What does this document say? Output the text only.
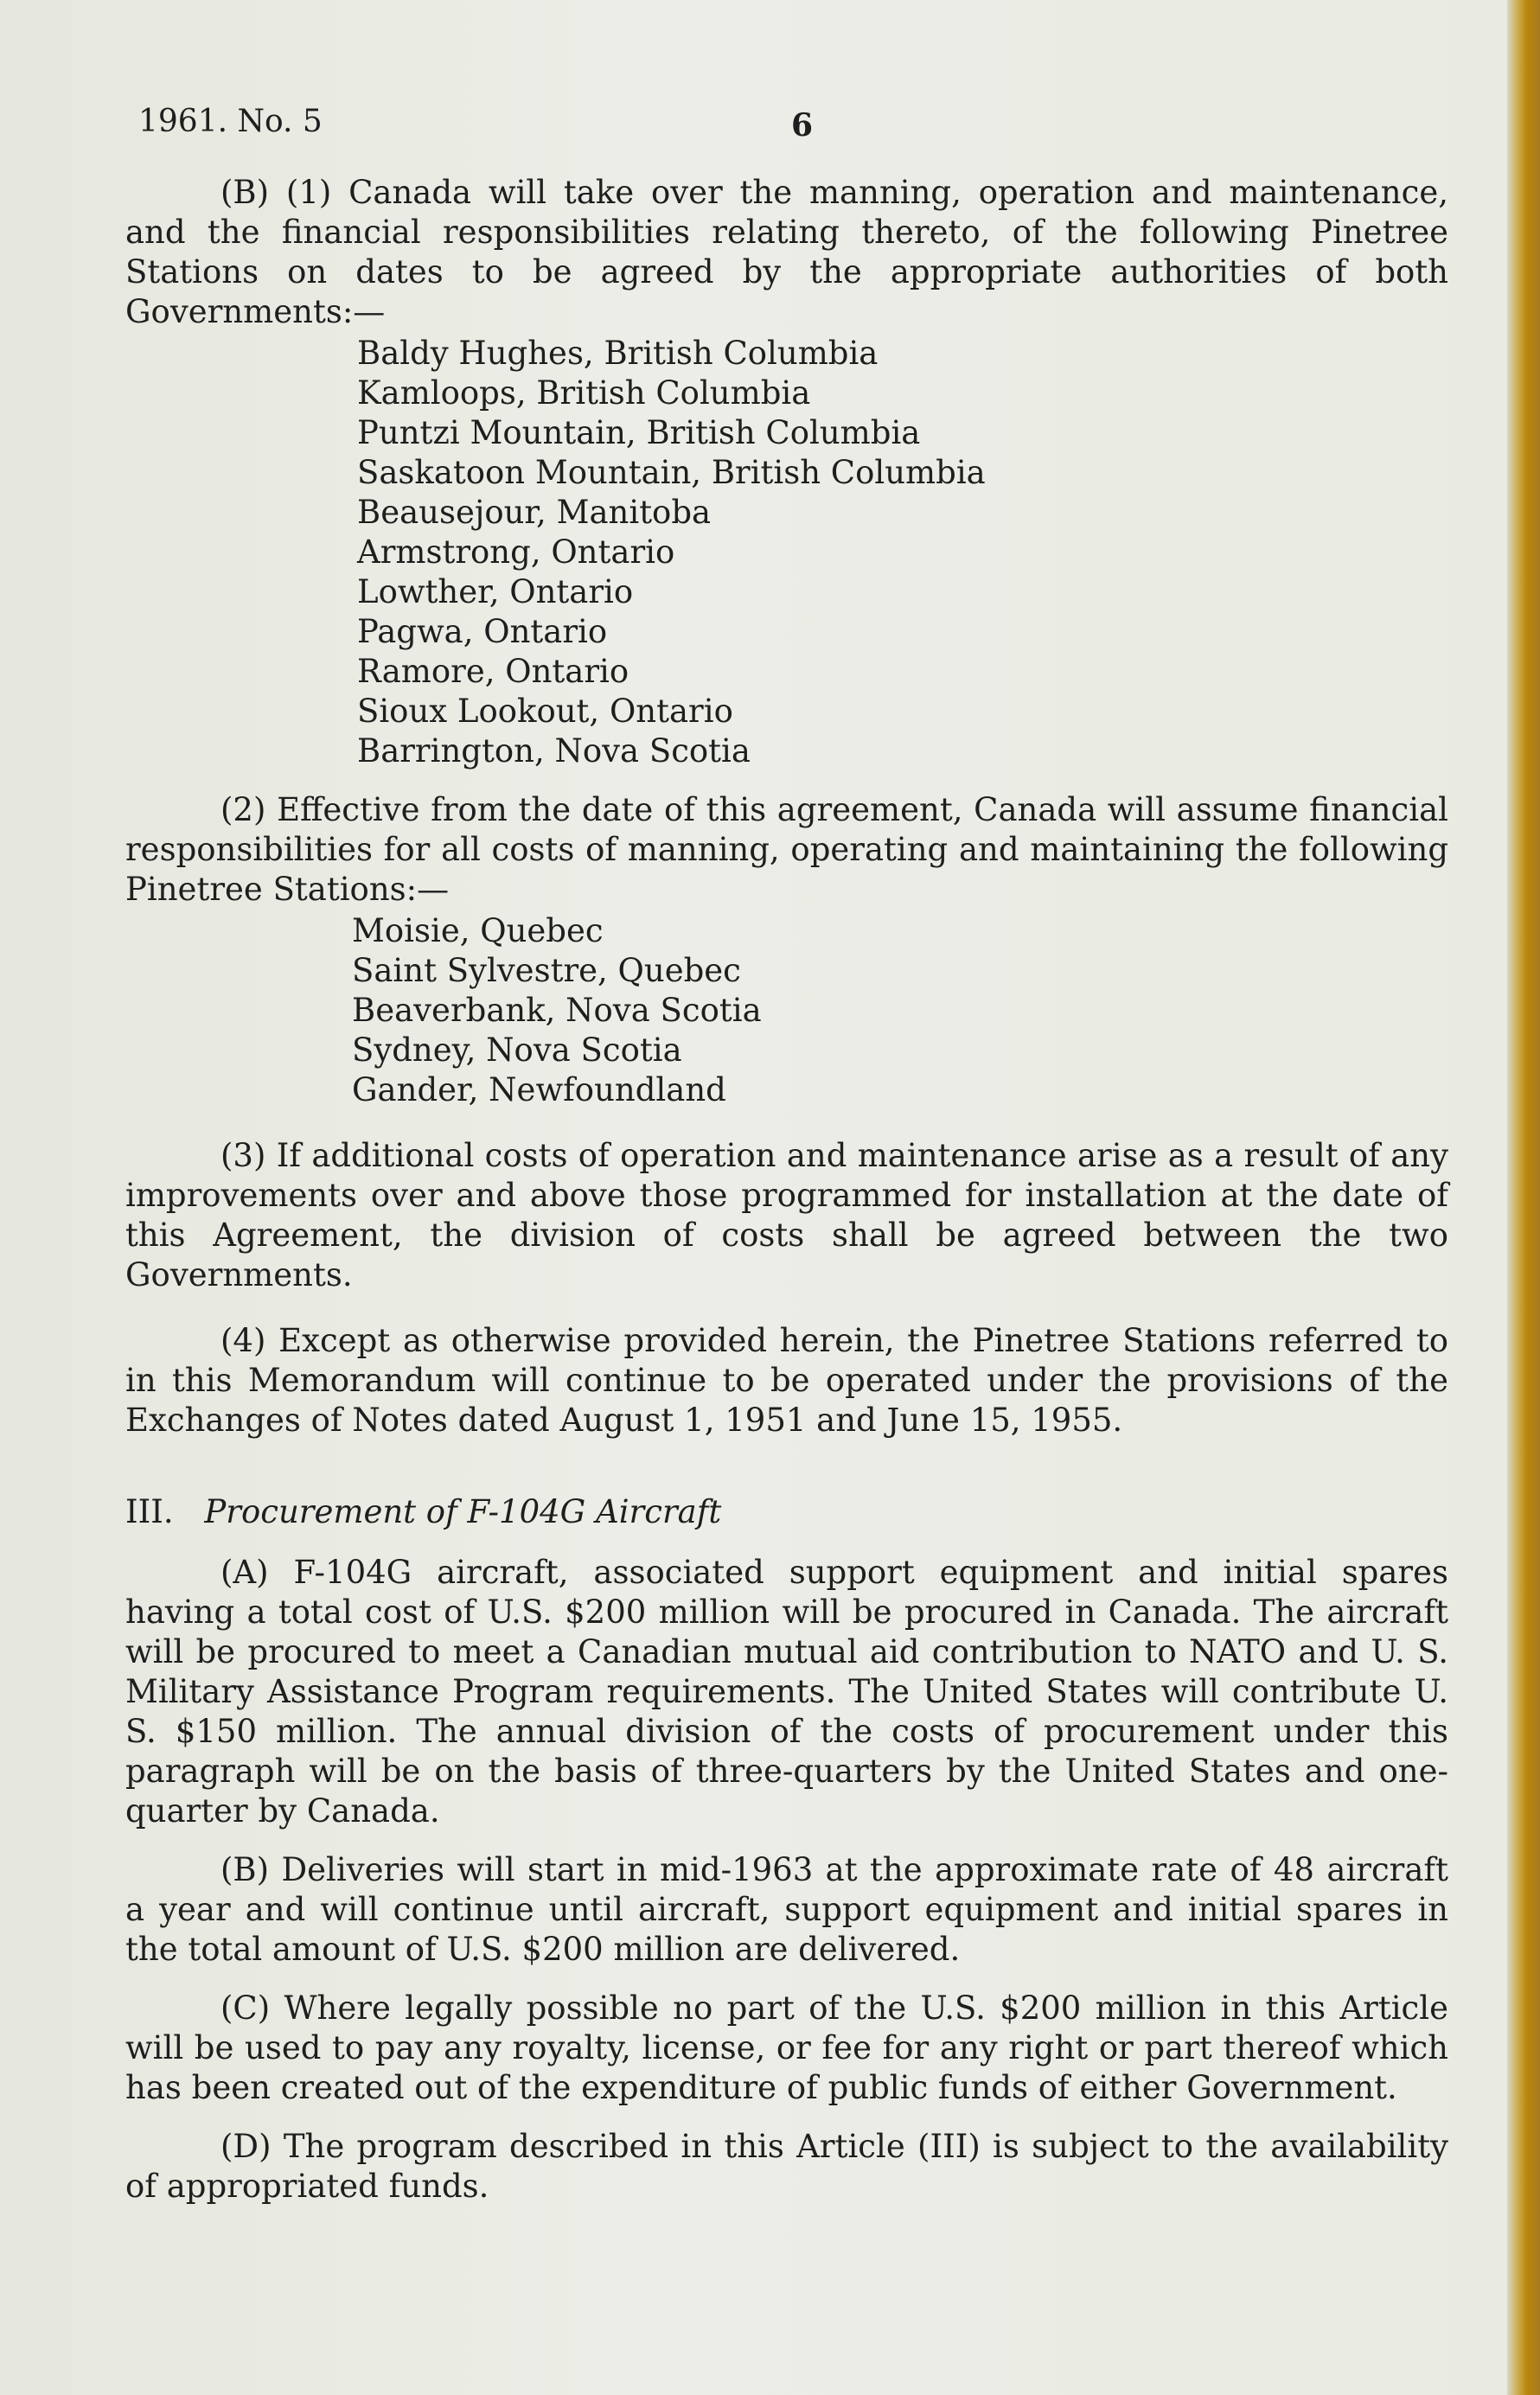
1961. No. 5	6

(B) (1) Canada will take over the manning, operation and maintenance, and the financial responsibilities relating thereto, of the following Pinetree Stations on dates to be agreed by the appropriate authorities of both Governments:—

Baldy Hughes, British Columbia
Kamloops, British Columbia
Puntzi Mountain, British Columbia
Saskatoon Mountain, British Columbia
Beausejour, Manitoba
Armstrong, Ontario
Lowther, Ontario
Pagwa, Ontario
Ramore, Ontario
Sioux Lookout, Ontario
Barrington, Nova Scotia

(2) Effective from the date of this agreement, Canada will assume financial responsibilities for all costs of manning, operating and maintaining the following Pinetree Stations:—

Moisie, Quebec
Saint Sylvestre, Quebec
Beaverbank, Nova Scotia
Sydney, Nova Scotia
Gander, Newfoundland

(3) If additional costs of operation and maintenance arise as a result of any improvements over and above those programmed for installation at the date of this Agreement, the division of costs shall be agreed between the two Governments.

(4) Except as otherwise provided herein, the Pinetree Stations referred to in this Memorandum will continue to be operated under the provisions of the Exchanges of Notes dated August 1, 1951 and June 15, 1955.

III. Procurement of F-104G Aircraft

(A) F-104G aircraft, associated support equipment and initial spares having a total cost of U.S. $200 million will be procured in Canada. The aircraft will be procured to meet a Canadian mutual aid contribution to NATO and U. S. Military Assistance Program requirements. The United States will contribute U. S. $150 million. The annual division of the costs of procurement under this paragraph will be on the basis of three-quarters by the United States and one-quarter by Canada.

(B) Deliveries will start in mid-1963 at the approximate rate of 48 aircraft a year and will continue until aircraft, support equipment and initial spares in the total amount of U.S. $200 million are delivered.

(C) Where legally possible no part of the U.S. $200 million in this Article will be used to pay any royalty, license, or fee for any right or part thereof which has been created out of the expenditure of public funds of either Government.

(D) The program described in this Article (III) is subject to the availability of appropriated funds.
